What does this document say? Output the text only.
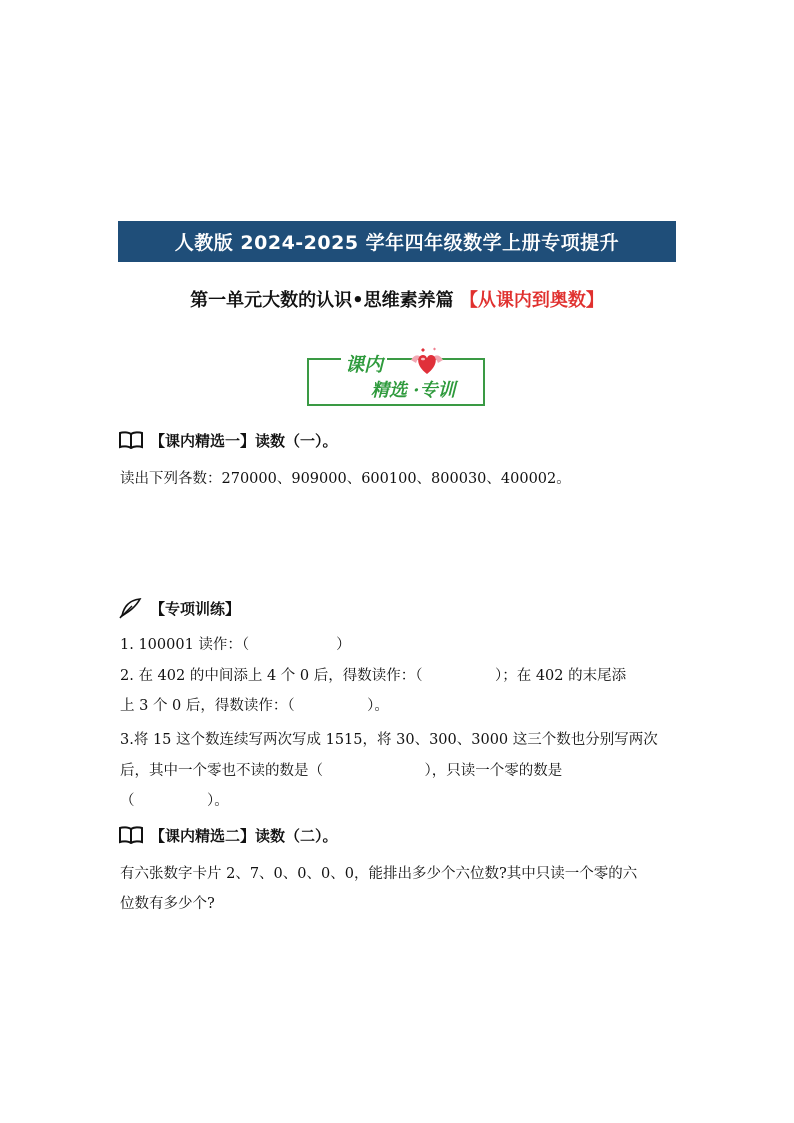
人教版 2024-2025 学年四年级数学上册专项提升
第一单元大数的认识•思维素养篇 【从课内到奥数】
课内
精选 ·专训
【课内精选一】读数（一）。
读出下列各数：270000、909000、600100、800030、400002。
【专项训练】
1. 100001 读作：（　　　　　　）
2. 在 402 的中间添上 4 个 0 后，得数读作：（　　　　　）；在 402 的末尾添
上 3 个 0 后，得数读作：（　　　　　）。
3.将 15 这个数连续写两次写成 1515，将 30、300、3000 这三个数也分别写两次
后，其中一个零也不读的数是（　　　　　　　），只读一个零的数是
（　　　　　）。
【课内精选二】读数（二）。
有六张数字卡片 2、7、0、0、0、0，能排出多少个六位数?其中只读一个零的六
位数有多少个?
